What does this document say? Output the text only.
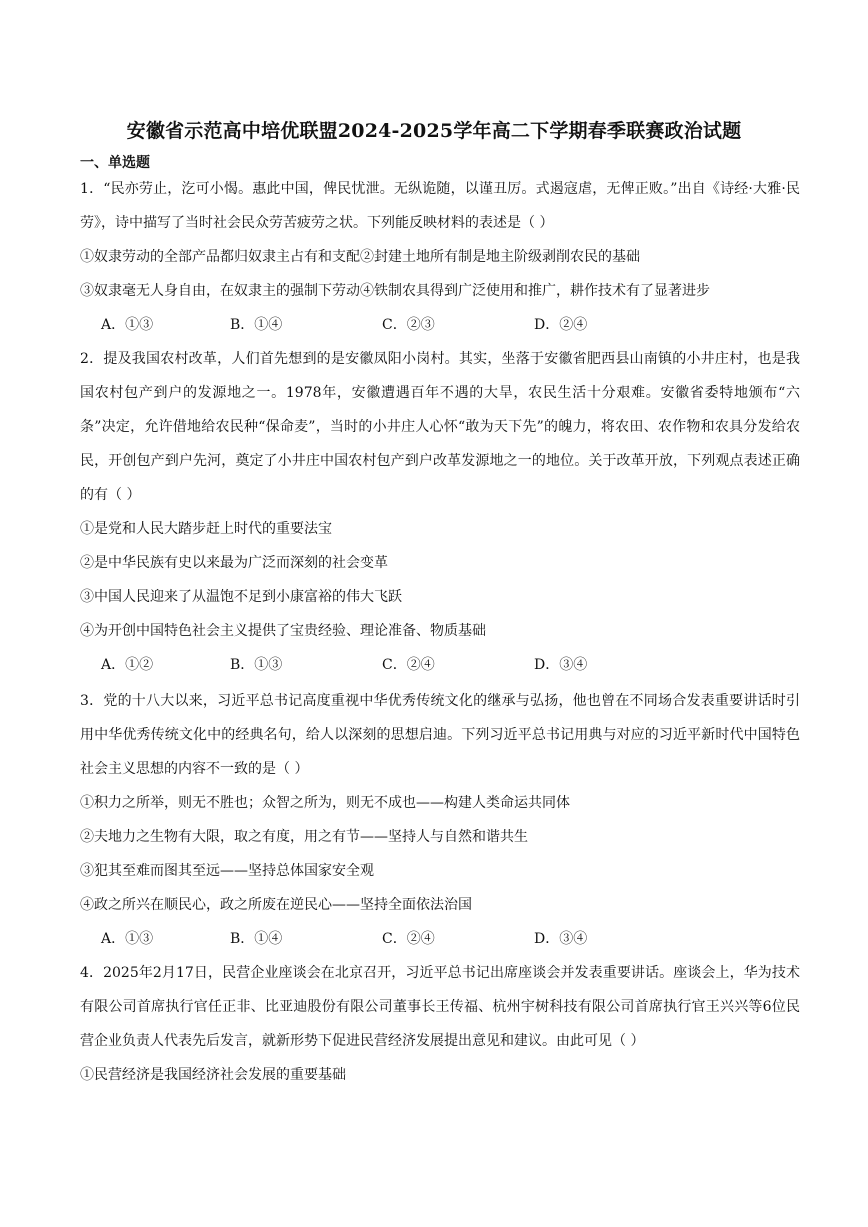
安徽省示范高中培优联盟2024-2025学年高二下学期春季联赛政治试题
一、单选题

1．“民亦劳止，汔可小愒。惠此中国，俾民忧泄。无纵诡随，以谨丑厉。式遏寇虐，无俾正败。”出自《诗经·大雅·民劳》，诗中描写了当时社会民众劳苦疲劳之状。下列能反映材料的表述是（ ）

①奴隶劳动的全部产品都归奴隶主占有和支配②封建土地所有制是地主阶级剥削农民的基础

③奴隶毫无人身自由，在奴隶主的强制下劳动④铁制农具得到广泛使用和推广，耕作技术有了显著进步

A．①③	B．①④	C．②③	D．②④

2．提及我国农村改革，人们首先想到的是安徽凤阳小岗村。其实，坐落于安徽省肥西县山南镇的小井庄村，也是我国农村包产到户的发源地之一。1978年，安徽遭遇百年不遇的大旱，农民生活十分艰难。安徽省委特地颁布“六条”决定，允许借地给农民种“保命麦”，当时的小井庄人心怀“敢为天下先”的魄力，将农田、农作物和农具分发给农民，开创包产到户先河，奠定了小井庄中国农村包产到户改革发源地之一的地位。关于改革开放，下列观点表述正确的有（ ）

①是党和人民大踏步赶上时代的重要法宝

②是中华民族有史以来最为广泛而深刻的社会变革

③中国人民迎来了从温饱不足到小康富裕的伟大飞跃

④为开创中国特色社会主义提供了宝贵经验、理论准备、物质基础

A．①②	B．①③	C．②④	D．③④

3．党的十八大以来，习近平总书记高度重视中华优秀传统文化的继承与弘扬，他也曾在不同场合发表重要讲话时引用中华优秀传统文化中的经典名句，给人以深刻的思想启迪。下列习近平总书记用典与对应的习近平新时代中国特色社会主义思想的内容不一致的是（ ）

①积力之所举，则无不胜也；众智之所为，则无不成也——构建人类命运共同体

②夫地力之生物有大限，取之有度，用之有节——坚持人与自然和谐共生

③犯其至难而图其至远——坚持总体国家安全观

④政之所兴在顺民心，政之所废在逆民心——坚持全面依法治国

A．①③	B．①④	C．②④	D．③④

4．2025年2月17日，民营企业座谈会在北京召开，习近平总书记出席座谈会并发表重要讲话。座谈会上，华为技术有限公司首席执行官任正非、比亚迪股份有限公司董事长王传福、杭州宇树科技有限公司首席执行官王兴兴等6位民营企业负责人代表先后发言，就新形势下促进民营经济发展提出意见和建议。由此可见（ ）

①民营经济是我国经济社会发展的重要基础
